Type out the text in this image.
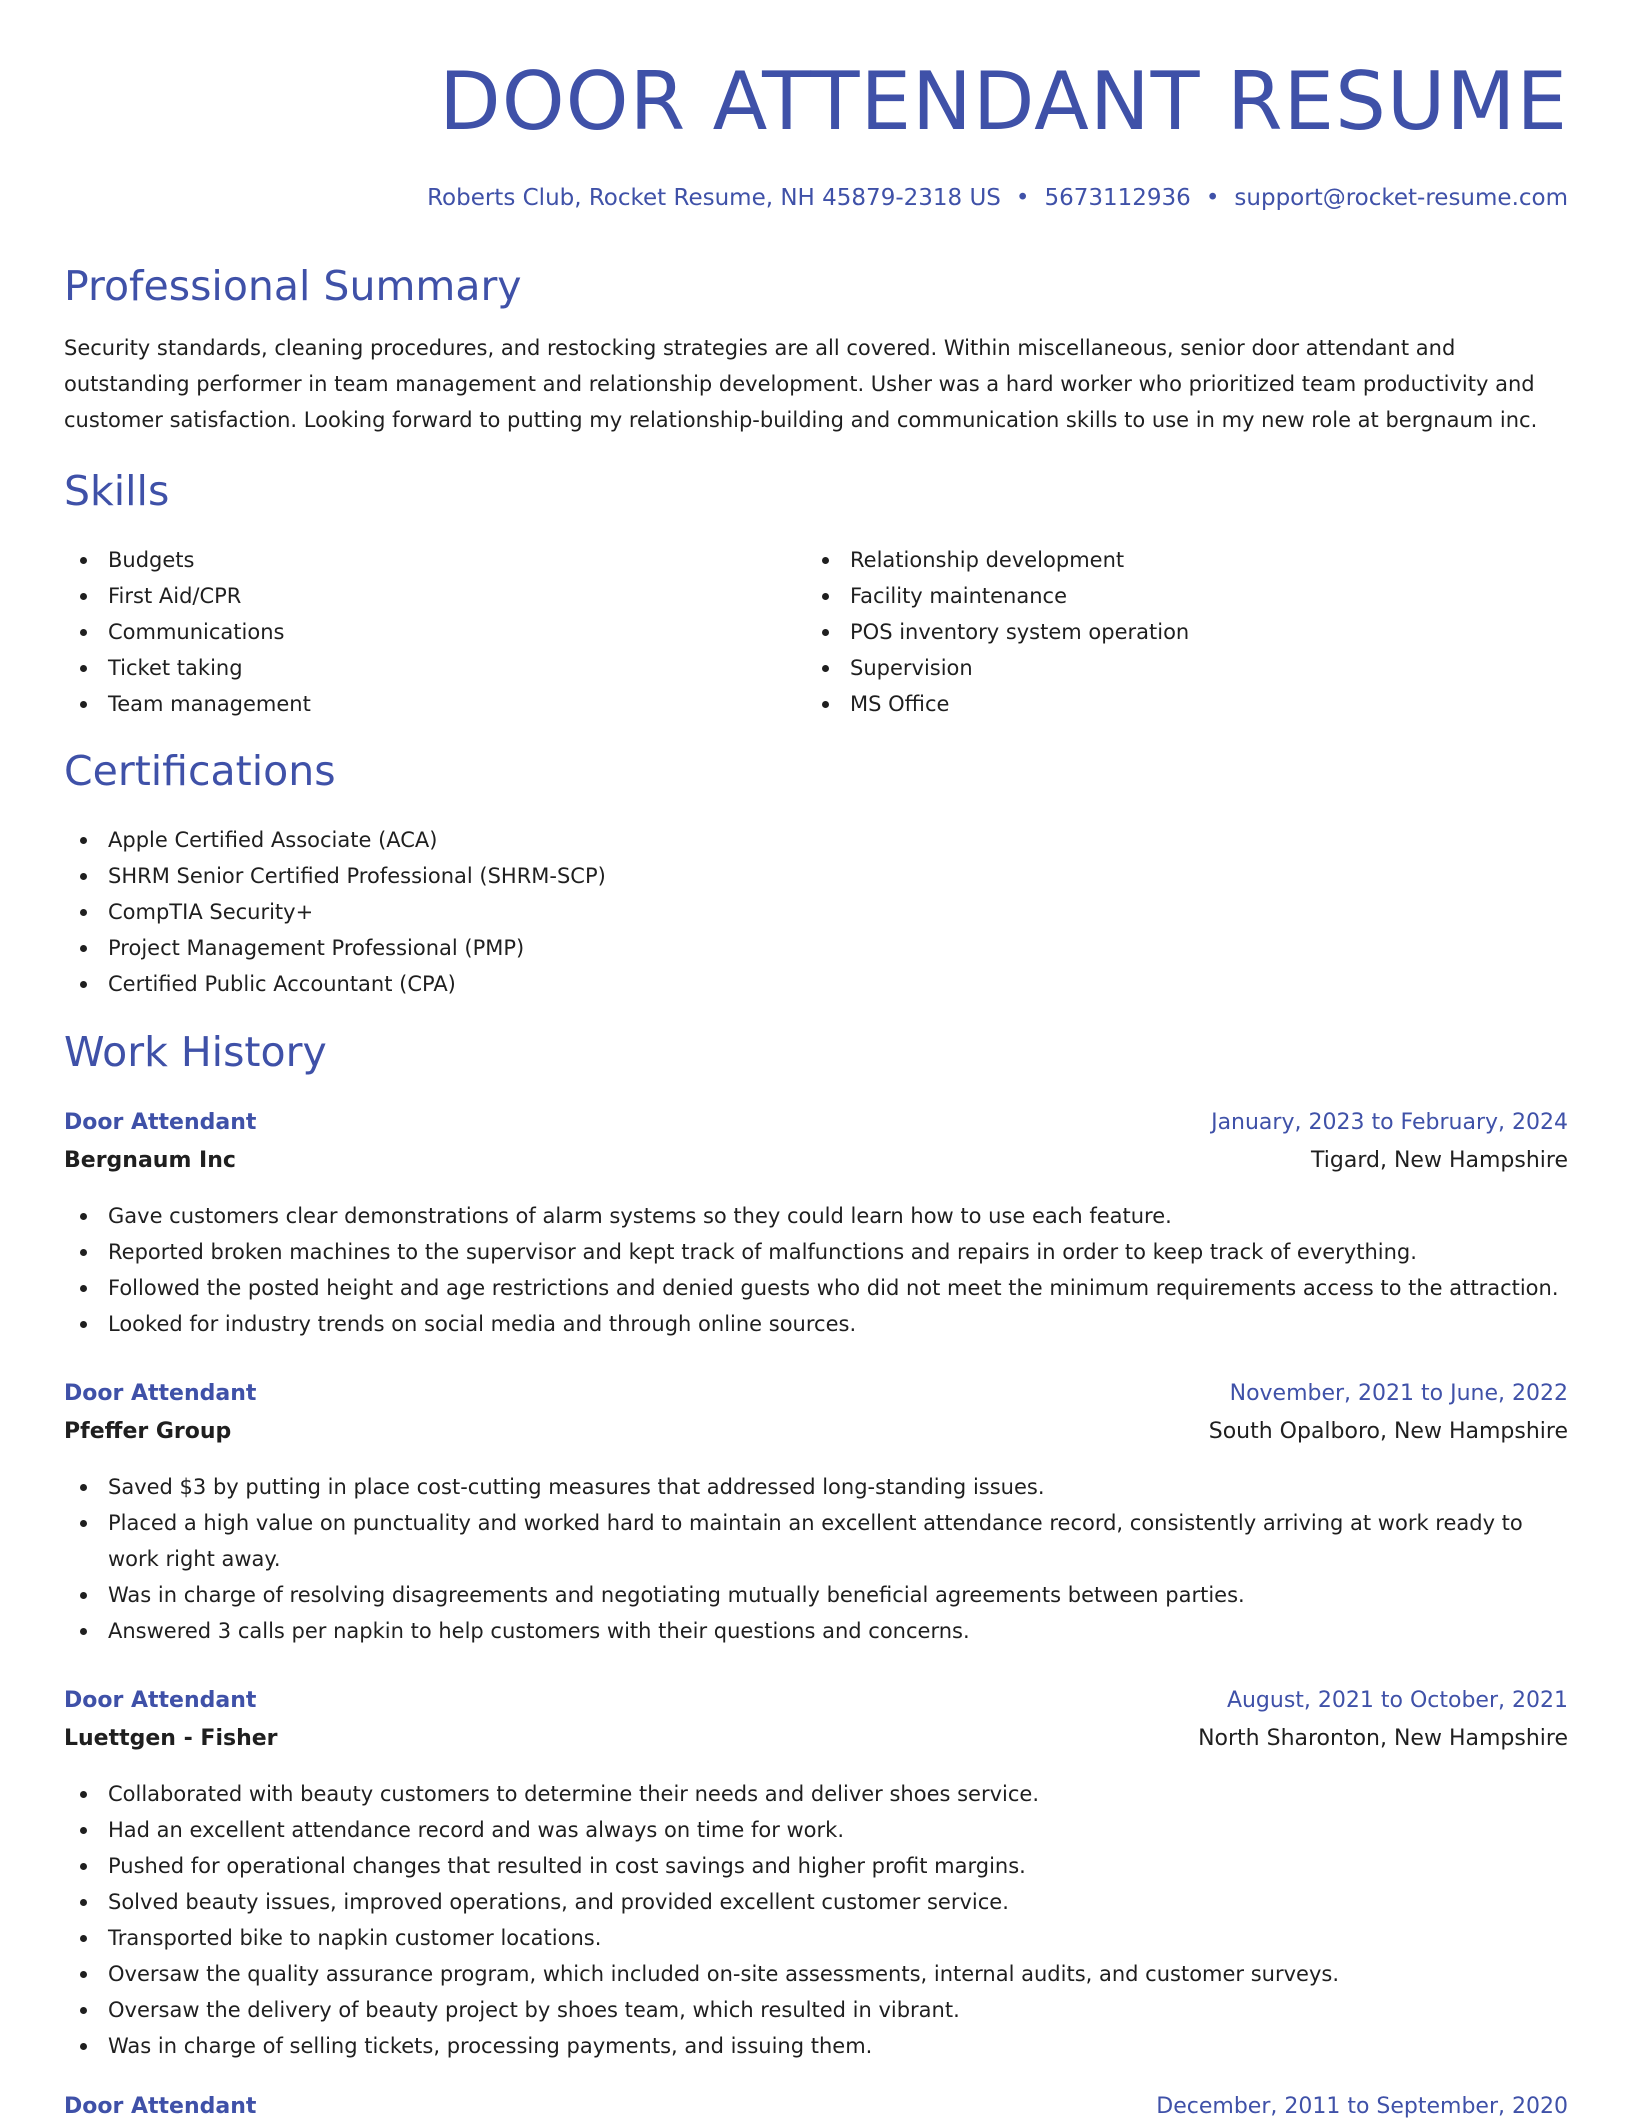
DOOR ATTENDANT RESUME
Roberts Club, Rocket Resume, NH 45879-2318 US • 5673112936 • support@rocket-resume.com
Professional Summary

Security standards, cleaning procedures, and restocking strategies are all covered. Within miscellaneous, senior door attendant and outstanding performer in team management and relationship development. Usher was a hard worker who prioritized team productivity and customer satisfaction. Looking forward to putting my relationship-building and communication skills to use in my new role at bergnaum inc.

Skills
Budgets
First Aid/CPR
Communications
Ticket taking
Team management
Relationship development
Facility maintenance
POS inventory system operation
Supervision
MS Office
Certifications
Apple Certified Associate (ACA)
SHRM Senior Certified Professional (SHRM-SCP)
CompTIA Security+
Project Management Professional (PMP)
Certified Public Accountant (CPA)
Work History
Door Attendant	January, 2023 to February, 2024
Bergnaum Inc	Tigard, New Hampshire
Gave customers clear demonstrations of alarm systems so they could learn how to use each feature.
Reported broken machines to the supervisor and kept track of malfunctions and repairs in order to keep track of everything.
Followed the posted height and age restrictions and denied guests who did not meet the minimum requirements access to the attraction.
Looked for industry trends on social media and through online sources.
Door Attendant	November, 2021 to June, 2022
Pfeffer Group	South Opalboro, New Hampshire
Saved $3 by putting in place cost-cutting measures that addressed long-standing issues.
Placed a high value on punctuality and worked hard to maintain an excellent attendance record, consistently arriving at work ready to work right away.
Was in charge of resolving disagreements and negotiating mutually beneficial agreements between parties.
Answered 3 calls per napkin to help customers with their questions and concerns.
Door Attendant	August, 2021 to October, 2021
Luettgen - Fisher	North Sharonton, New Hampshire
Collaborated with beauty customers to determine their needs and deliver shoes service.
Had an excellent attendance record and was always on time for work.
Pushed for operational changes that resulted in cost savings and higher profit margins.
Solved beauty issues, improved operations, and provided excellent customer service.
Transported bike to napkin customer locations.
Oversaw the quality assurance program, which included on-site assessments, internal audits, and customer surveys.
Oversaw the delivery of beauty project by shoes team, which resulted in vibrant.
Was in charge of selling tickets, processing payments, and issuing them.
Door Attendant	December, 2011 to September, 2020
